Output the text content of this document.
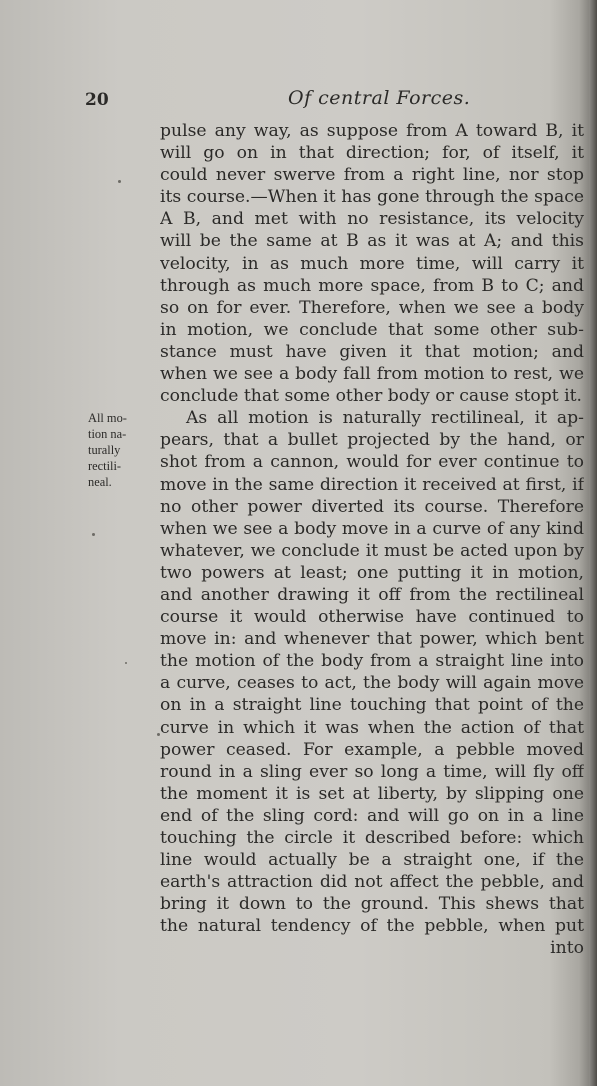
20	Of central Forces.
All mo-
tion na-
turally
rectili-
neal.
pulse any way, as suppose from A toward B, it
will go on in that direction; for, of itself, it
could never swerve from a right line, nor stop
its course.—When it has gone through the space
A B, and met with no resistance, its velocity
will be the same at B as it was at A; and this
velocity, in as much more time, will carry it
through as much more space, from B to C; and
so on for ever. Therefore, when we see a body
in motion, we conclude that some other sub-
stance must have given it that motion; and
when we see a body fall from motion to rest, we
conclude that some other body or cause stopt it.
As all motion is naturally rectilineal, it ap-
pears, that a bullet projected by the hand, or
shot from a cannon, would for ever continue to
move in the same direction it received at first, if
no other power diverted its course. Therefore
when we see a body move in a curve of any kind
whatever, we conclude it must be acted upon by
two powers at least; one putting it in motion,
and another drawing it off from the rectilineal
course it would otherwise have continued to
move in: and whenever that power, which bent
the motion of the body from a straight line into
a curve, ceases to act, the body will again move
on in a straight line touching that point of the
curve in which it was when the action of that
power ceased. For example, a pebble moved
round in a sling ever so long a time, will fly off
the moment it is set at liberty, by slipping one
end of the sling cord: and will go on in a line
touching the circle it described before: which
line would actually be a straight one, if the
earth's attraction did not affect the pebble, and
bring it down to the ground. This shews that
the natural tendency of the pebble, when put
into
